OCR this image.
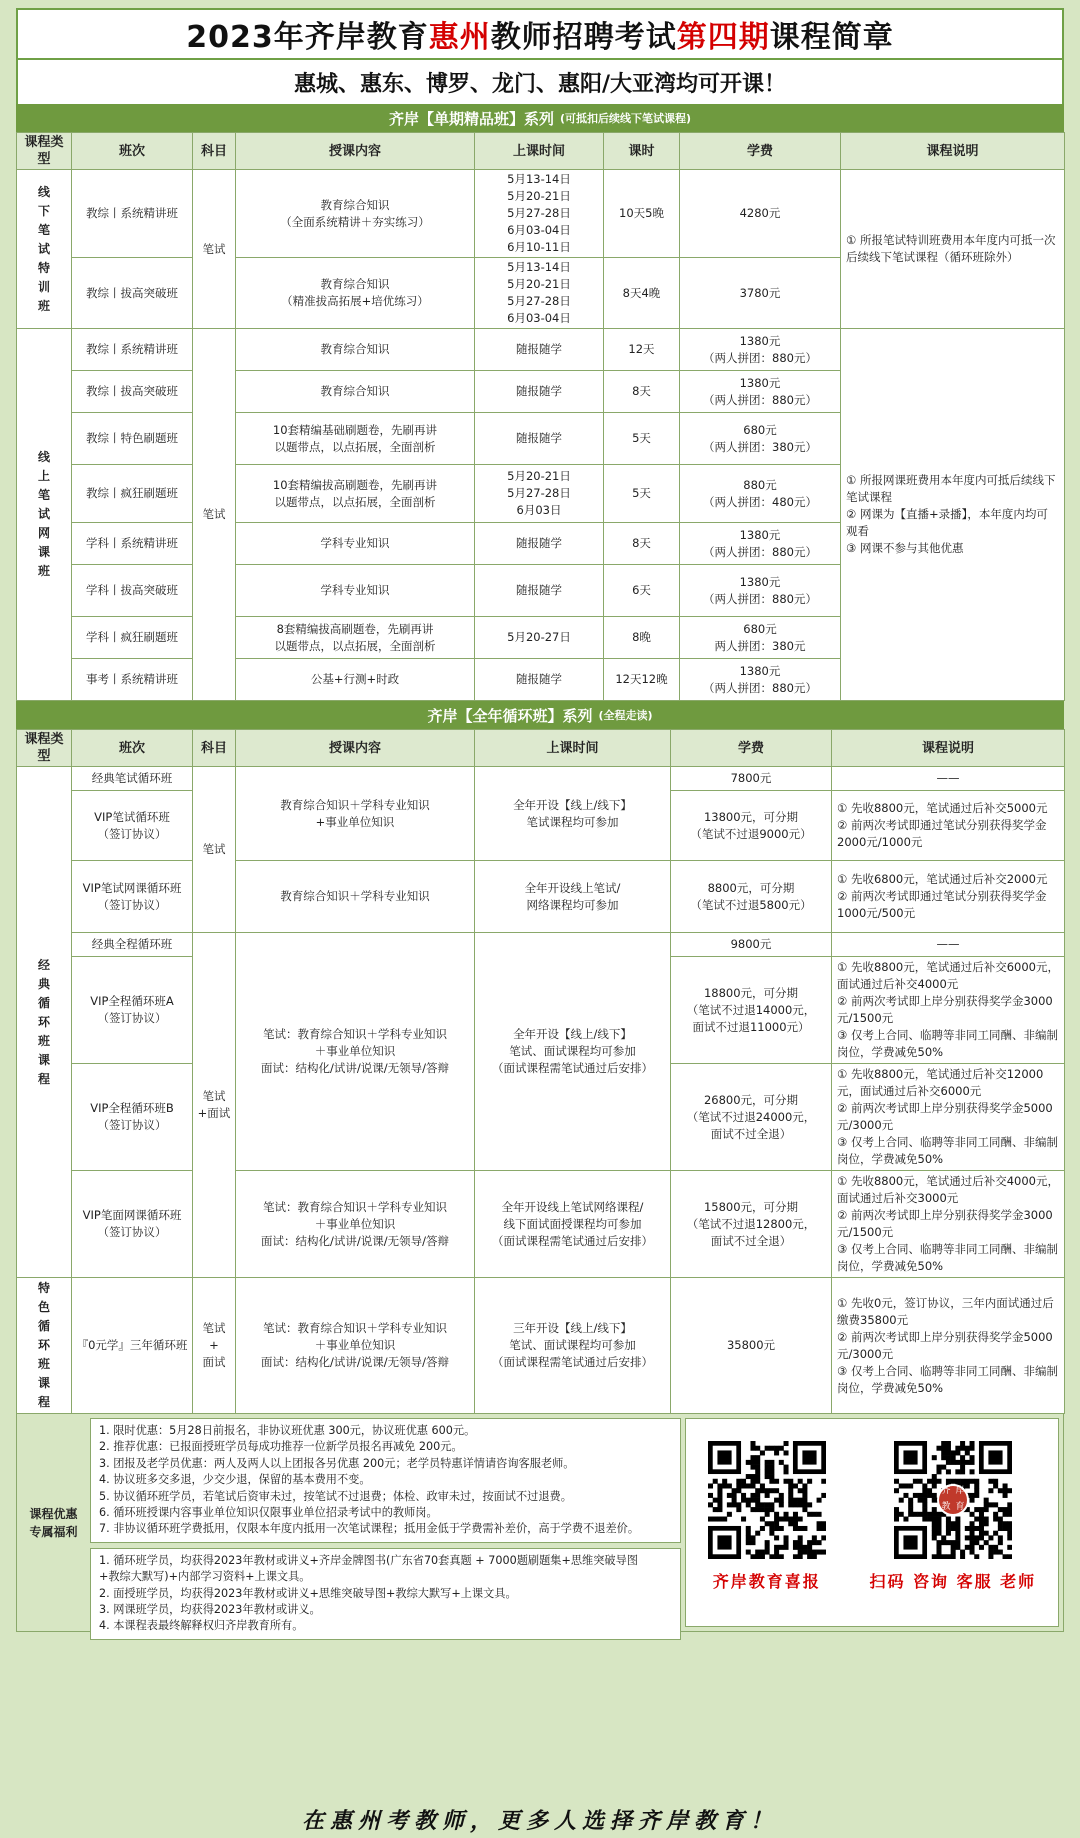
2023年齐岸教育 惠州 教师招聘考试 第四期 课程简章
惠城、惠东、博罗、龙门、惠阳/大亚湾均可开课！
齐岸【单期精品班】系列 (可抵扣后续线下笔试课程)
课程类型	班次	科目	授课内容	上课时间	课时	学费	课程说明

线下笔试特训班	教综丨系统精讲班	笔试	教育综合知识
（全面系统精讲＋夯实练习）	5月13-14日
5月20-21日
5月27-28日
6月03-04日
6月10-11日	10天5晚	4280元	① 所报笔试特训班费用本年度内可抵一次后续线下笔试课程（循环班除外）

	教综丨拔高突破班		教育综合知识
（精准拔高拓展+培优练习）	5月13-14日
5月20-21日
5月27-28日
6月03-04日	8天4晚	3780元	

线上笔试网课班	教综丨系统精讲班	笔试	教育综合知识	随报随学	12天	1380元
（两人拼团：880元）	① 所报网课班费用本年度内可抵后续线下笔试课程
② 网课为【直播+录播】，本年度内均可观看
③ 网课不参与其他优惠

	教综丨拔高突破班		教育综合知识	随报随学	8天	1380元
（两人拼团：880元）	

	教综丨特色刷题班		10套精编基础刷题卷，先刷再讲
以题带点，以点拓展，全面剖析	随报随学	5天	680元
（两人拼团：380元）	

	教综丨疯狂刷题班		10套精编拔高刷题卷，先刷再讲
以题带点，以点拓展，全面剖析	5月20-21日
5月27-28日
6月03日	5天	880元
（两人拼团：480元）	

	学科丨系统精讲班		学科专业知识	随报随学	8天	1380元
（两人拼团：880元）	

	学科丨拔高突破班		学科专业知识	随报随学	6天	1380元
（两人拼团：880元）	

	学科丨疯狂刷题班		8套精编拔高刷题卷，先刷再讲
以题带点，以点拓展，全面剖析	5月20-27日	8晚	680元
两人拼团：380元	

	事考丨系统精讲班		公基+行测+时政	随报随学	12天12晚	1380元
（两人拼团：880元）	
齐岸【全年循环班】系列 (全程走读)
课程类型	班次	科目	授课内容	上课时间	学费	课程说明

经典循环班课程	经典笔试循环班	笔试	教育综合知识＋学科专业知识
+事业单位知识	全年开设【线上/线下】
笔试课程均可参加	7800元	——

	VIP笔试循环班
（签订协议）				13800元，可分期
（笔试不过退9000元）	① 先收8800元，笔试通过后补交5000元
② 前两次考试即通过笔试分别获得奖学金2000元/1000元

	VIP笔试网课循环班
（签订协议）		教育综合知识＋学科专业知识	全年开设线上笔试/
网络课程均可参加	8800元，可分期
（笔试不过退5800元）	① 先收6800元，笔试通过后补交2000元
② 前两次考试即通过笔试分别获得奖学金1000元/500元

	经典全程循环班	笔试+面试	笔试：教育综合知识＋学科专业知识
＋事业单位知识
面试：结构化/试讲/说课/无领导/答辩	全年开设【线上/线下】
笔试、面试课程均可参加
（面试课程需笔试通过后安排）	9800元	——

	VIP全程循环班A
（签订协议）				18800元，可分期
（笔试不过退14000元，
面试不过退11000元）	① 先收8800元，笔试通过后补交6000元，面试通过后补交4000元
② 前两次考试即上岸分别获得奖学金3000元/1500元
③ 仅考上合同、临聘等非同工同酬、非编制岗位，学费减免50%

	VIP全程循环班B
（签订协议）				26800元，可分期
（笔试不过退24000元，
面试不过全退）	① 先收8800元，笔试通过后补交12000元，面试通过后补交6000元
② 前两次考试即上岸分别获得奖学金5000元/3000元
③ 仅考上合同、临聘等非同工同酬、非编制岗位，学费减免50%

	VIP笔面网课循环班
（签订协议）		笔试：教育综合知识＋学科专业知识
＋事业单位知识
面试：结构化/试讲/说课/无领导/答辩	全年开设线上笔试网络课程/
线下面试面授课程均可参加
（面试课程需笔试通过后安排）	15800元，可分期
（笔试不过退12800元，
面试不过全退）	① 先收8800元，笔试通过后补交4000元，面试通过后补交3000元
② 前两次考试即上岸分别获得奖学金3000元/1500元
③ 仅考上合同、临聘等非同工同酬、非编制岗位，学费减免50%

特色循环班课程	『0元学』三年循环班	笔试
+
面试	笔试：教育综合知识＋学科专业知识
＋事业单位知识
面试：结构化/试讲/说课/无领导/答辩	三年开设【线上/线下】
笔试、面试课程均可参加
（面试课程需笔试通过后安排）	35800元	① 先收0元，签订协议，三年内面试通过后缴费35800元
② 前两次考试即上岸分别获得奖学金5000元/3000元
③ 仅考上合同、临聘等非同工同酬、非编制岗位，学费减免50%
课程优惠专属福利
1. 限时优惠：5月28日前报名，非协议班优惠 300元，协议班优惠 600元。
2. 推荐优惠：已报面授班学员每成功推荐一位新学员报名再减免 200元。
3. 团报及老学员优惠：两人及两人以上团报各另优惠 200元；老学员特惠详情请咨询客服老师。
4. 协议班多交多退，少交少退，保留的基本费用不变。
5. 协议循环班学员，若笔试后资审未过，按笔试不过退费；体检、政审未过，按面试不过退费。
6. 循环班授课内容事业单位知识仅限事业单位招录考试中的教师岗。
7. 非协议循环班学费抵用，仅限本年度内抵用一次笔试课程；抵用金低于学费需补差价，高于学费不退差价。
1. 循环班学员，均获得2023年教材或讲义+齐岸金牌图书(广东省70套真题 + 7000题刷题集+思维突破导图
+教综大默写)+内部学习资料+上课文具。
2. 面授班学员，均获得2023年教材或讲义+思维突破导图+教综大默写+上课文具。
3. 网课班学员，均获得2023年教材或讲义。
4. 本课程表最终解释权归齐岸教育所有。
齐岸教育喜报
齐 岸
教 育
扫码 咨询 客服 老师
在惠州考教师，更多人选择齐岸教育！
